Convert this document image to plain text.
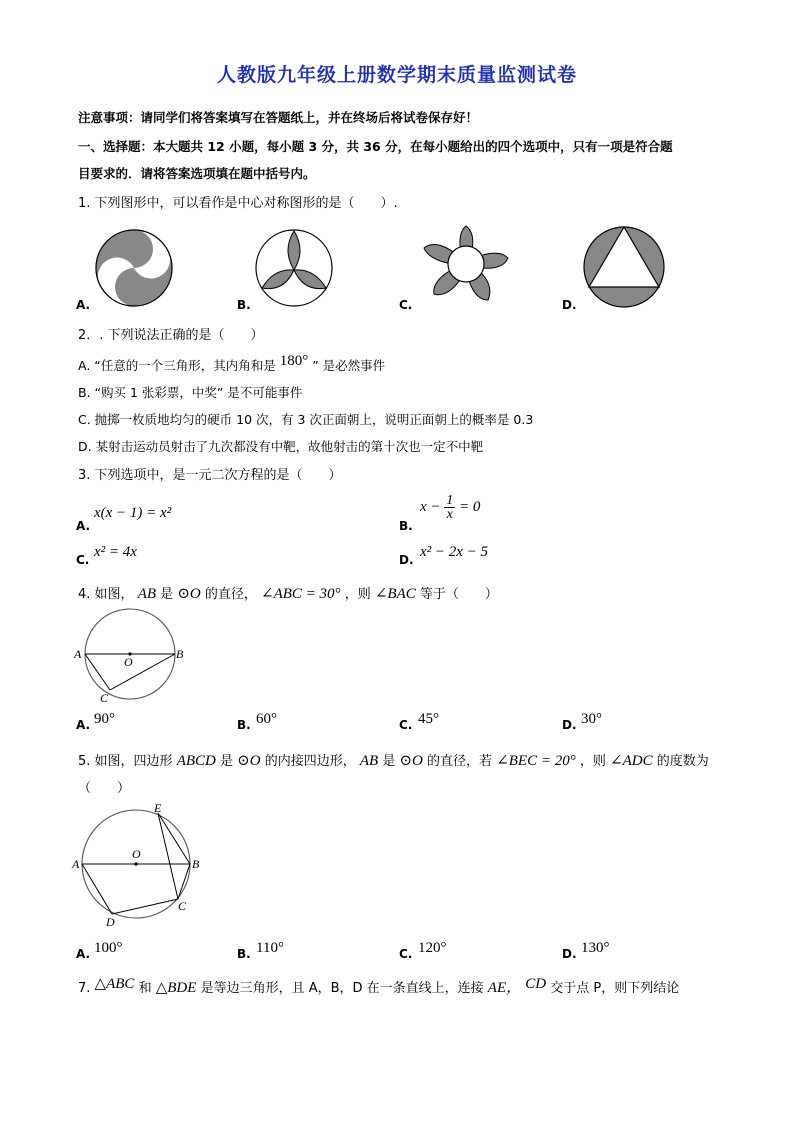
人教版九年级上册数学期末质量监测试卷
注意事项：请同学们将答案填写在答题纸上，并在终场后将试卷保存好！
一、选择题：本大题共 12 小题，每小题 3 分，共 36 分，在每小题给出的四个选项中，只有一项是符合题
目要求的．请将答案选项填在题中括号内。
1. 下列图形中，可以看作是中心对称图形的是（　　）.
A.	B.	C.	D.
2．. 下列说法正确的是（　　）
A. “任意的一个三角形，其内角和是 180° ” 是必然事件
B. “购买 1 张彩票，中奖” 是不可能事件
C. 抛掷一枚质地均匀的硬币 10 次，有 3 次正面朝上，说明正面朝上的概率是 0.3
D. 某射击运动员射击了九次都没有中靶，故他射击的第十次也一定不中靶
3. 下列选项中，是一元二次方程的是（　　）
A.
x(x − 1) = x²
B.
$x - \frac{1}{x} = 0$
C. x² = 4x	D. x² − 2x − 5
4. 如图， AB 是 ⊙O 的直径， ∠ABC = 30° ，则 ∠BAC 等于（　　）
A	B
O
C
A. 90°	B. 60°	C. 45°	D. 30°
5. 如图，四边形 ABCD 是 ⊙O 的内接四边形， AB 是 ⊙O 的直径，若 ∠BEC = 20° ，则 ∠ADC 的度数为
（　　）
A	B
O
E
C
D
A. 100°	B. 110°	C. 120°	D. 130°
7. △ABC 和 △BDE 是等边三角形，且 A，B，D 在一条直线上，连接 AE， CD 交于点 P，则下列结论
